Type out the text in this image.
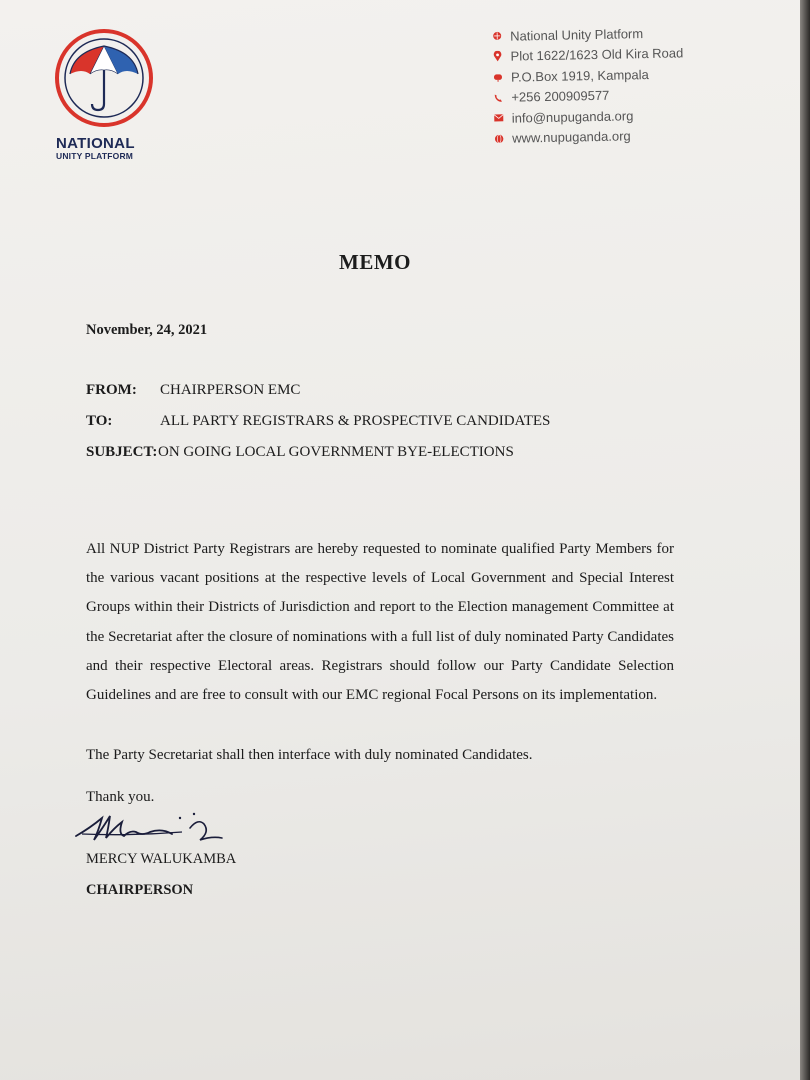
NATIONAL
UNITY PLATFORM
National Unity Platform
Plot 1622/1623 Old Kira Road
P.O.Box 1919, Kampala
+256 200909577
info@nupuganda.org
www.nupuganda.org
MEMO
November, 24, 2021
FROM: CHAIRPERSON EMC
TO:	ALL PARTY REGISTRARS & PROSPECTIVE CANDIDATES
SUBJECT: ON GOING LOCAL GOVERNMENT BYE-ELECTIONS
All NUP District Party Registrars are hereby requested to nominate qualified Party Members for the various vacant positions at the respective levels of Local Government and Special Interest Groups within their Districts of Jurisdiction and report to the Election management Committee at the Secretariat after the closure of nominations with a full list of duly nominated Party Candidates and their respective Electoral areas. Registrars should follow our Party Candidate Selection Guidelines and are free to consult with our EMC regional Focal Persons on its implementation.
The Party Secretariat shall then interface with duly nominated Candidates.
Thank you.
MERCY WALUKAMBA
CHAIRPERSON
